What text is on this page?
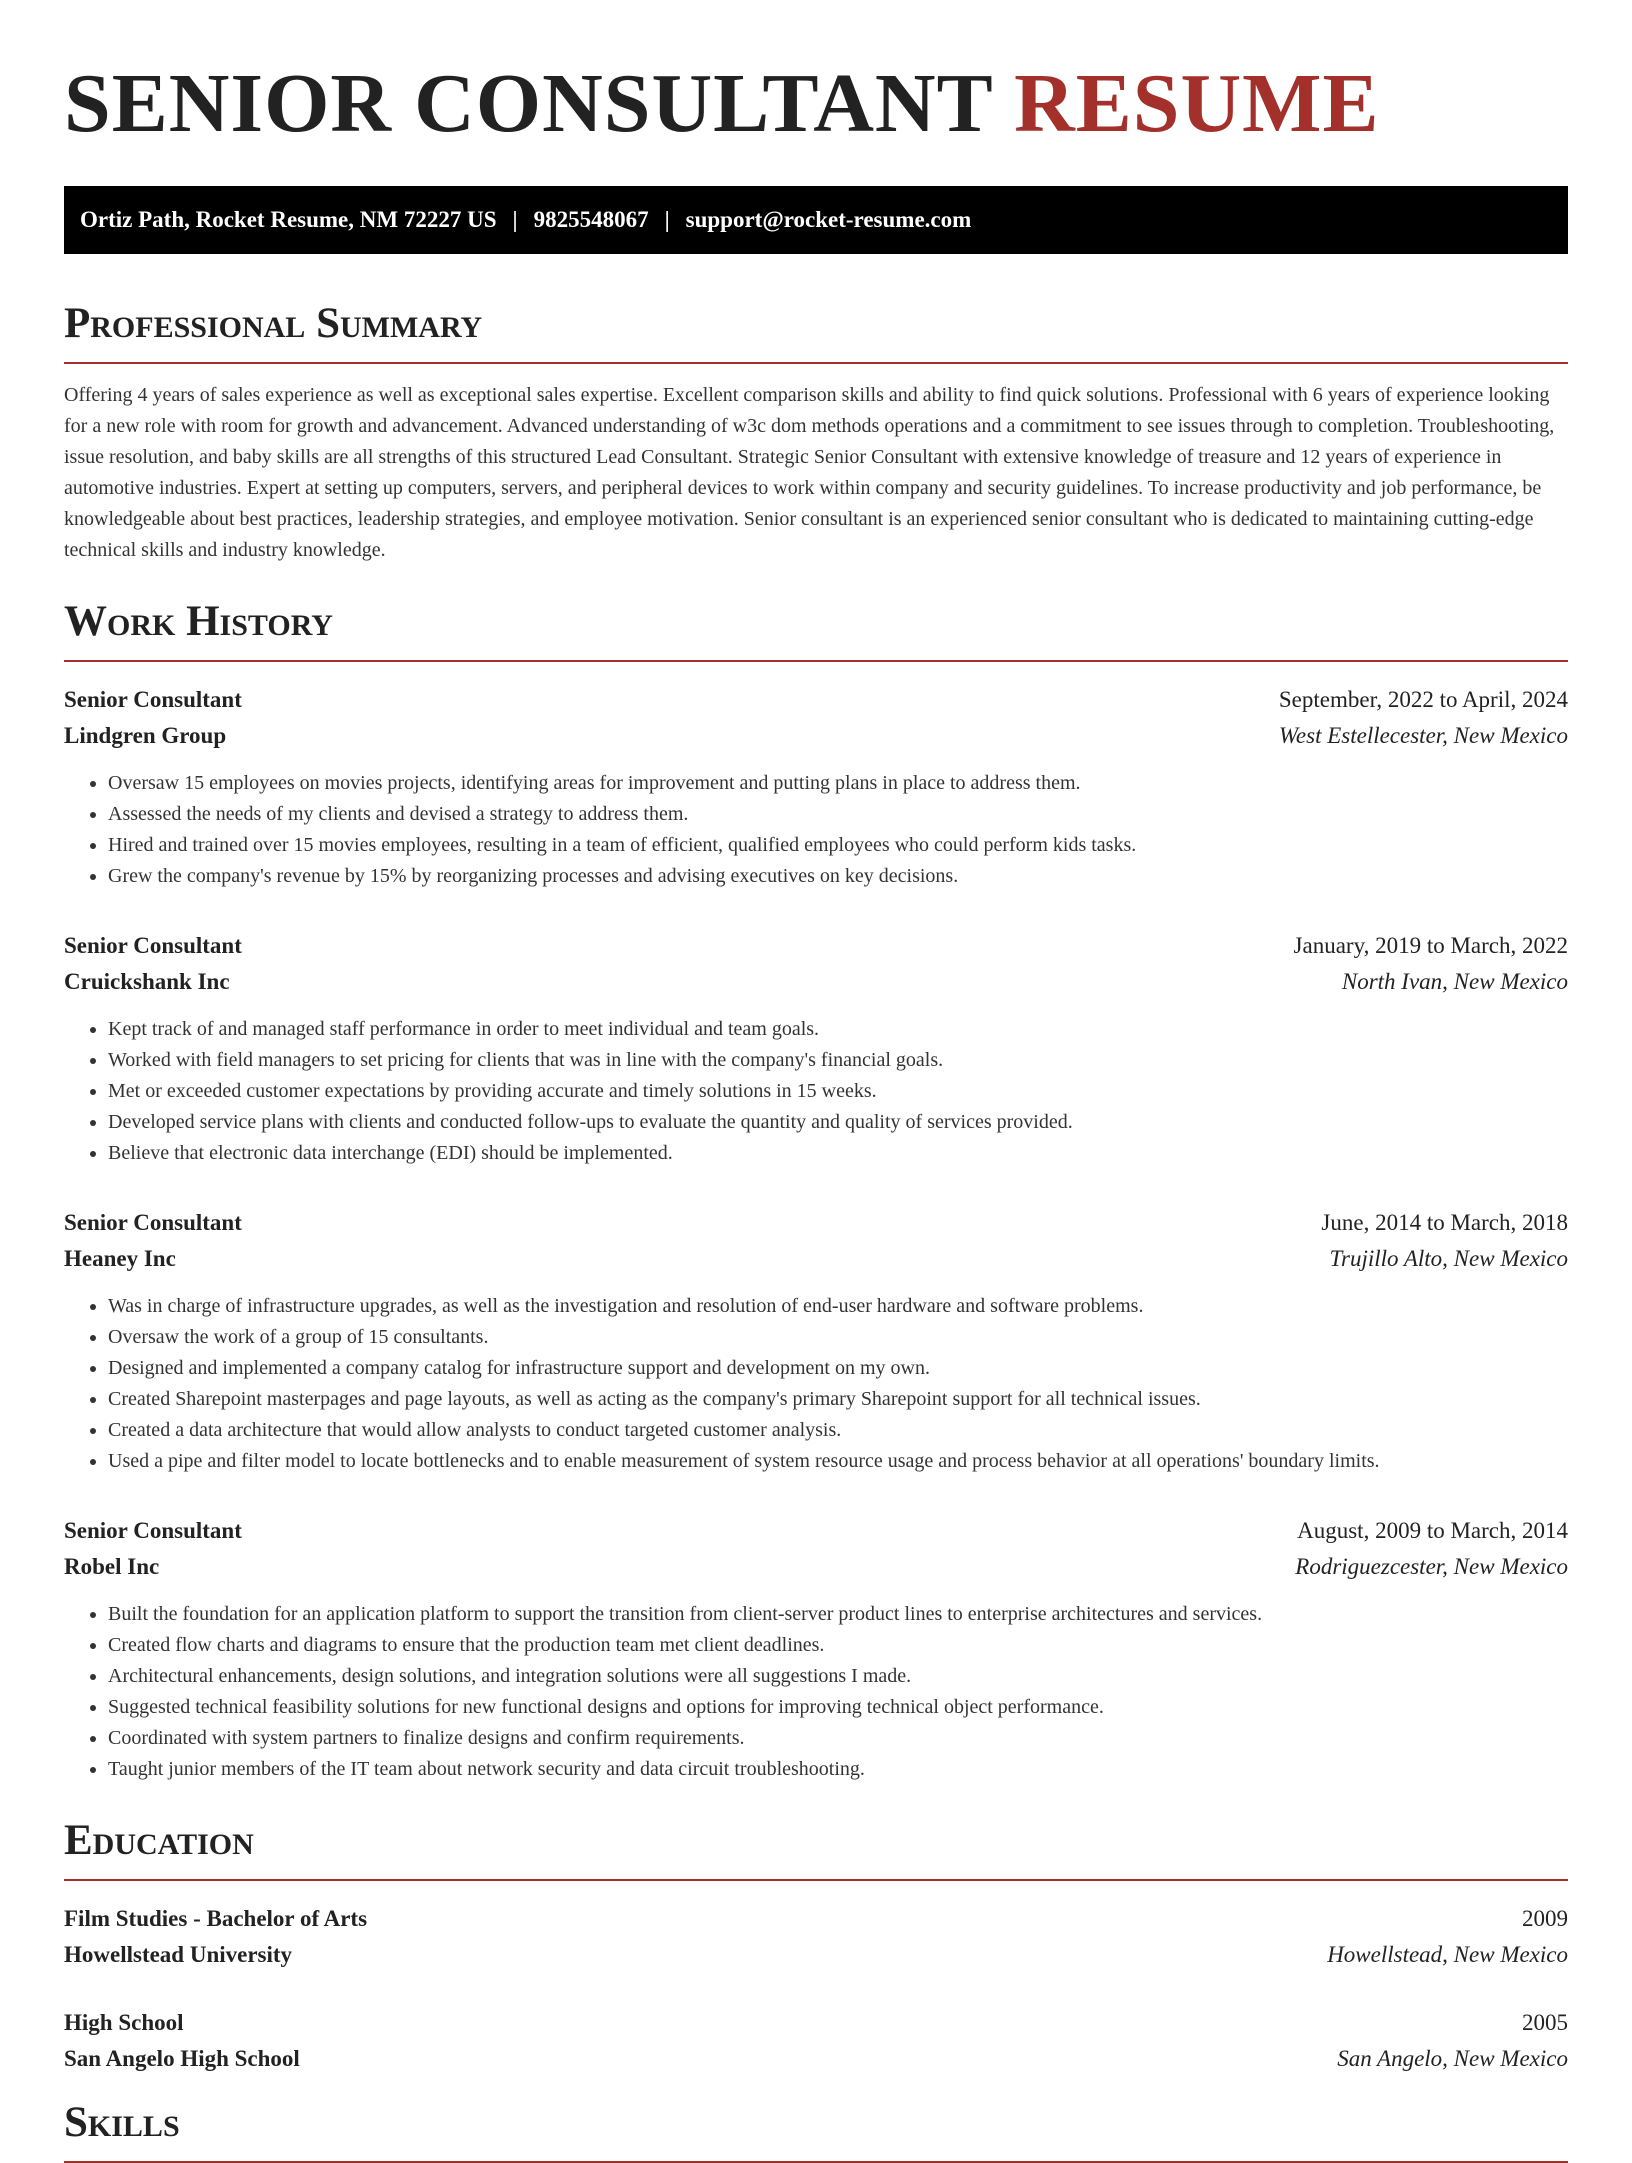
SENIOR CONSULTANT RESUME
Ortiz Path, Rocket Resume, NM 72227 US | 9825548067 | support@rocket-resume.com
Professional Summary

Offering 4 years of sales experience as well as exceptional sales expertise. Excellent comparison skills and ability to find quick solutions. Professional with 6 years of experience looking for a new role with room for growth and advancement. Advanced understanding of w3c dom methods operations and a commitment to see issues through to completion. Troubleshooting, issue resolution, and baby skills are all strengths of this structured Lead Consultant. Strategic Senior Consultant with extensive knowledge of treasure and 12 years of experience in automotive industries. Expert at setting up computers, servers, and peripheral devices to work within company and security guidelines. To increase productivity and job performance, be knowledgeable about best practices, leadership strategies, and employee motivation. Senior consultant is an experienced senior consultant who is dedicated to maintaining cutting-edge technical skills and industry knowledge.

Work History
Senior Consultant	September, 2022 to April, 2024
Lindgren Group	West Estellecester, New Mexico
• Oversaw 15 employees on movies projects, identifying areas for improvement and putting plans in place to address them.
• Assessed the needs of my clients and devised a strategy to address them.
• Hired and trained over 15 movies employees, resulting in a team of efficient, qualified employees who could perform kids tasks.
• Grew the company's revenue by 15% by reorganizing processes and advising executives on key decisions.
Senior Consultant	January, 2019 to March, 2022
Cruickshank Inc	North Ivan, New Mexico
• Kept track of and managed staff performance in order to meet individual and team goals.
• Worked with field managers to set pricing for clients that was in line with the company's financial goals.
• Met or exceeded customer expectations by providing accurate and timely solutions in 15 weeks.
• Developed service plans with clients and conducted follow-ups to evaluate the quantity and quality of services provided.
• Believe that electronic data interchange (EDI) should be implemented.
Senior Consultant	June, 2014 to March, 2018
Heaney Inc	Trujillo Alto, New Mexico
• Was in charge of infrastructure upgrades, as well as the investigation and resolution of end-user hardware and software problems.
• Oversaw the work of a group of 15 consultants.
• Designed and implemented a company catalog for infrastructure support and development on my own.
• Created Sharepoint masterpages and page layouts, as well as acting as the company's primary Sharepoint support for all technical issues.
• Created a data architecture that would allow analysts to conduct targeted customer analysis.
• Used a pipe and filter model to locate bottlenecks and to enable measurement of system resource usage and process behavior at all operations' boundary limits.
Senior Consultant	August, 2009 to March, 2014
Robel Inc	Rodriguezcester, New Mexico
• Built the foundation for an application platform to support the transition from client-server product lines to enterprise architectures and services.
• Created flow charts and diagrams to ensure that the production team met client deadlines.
• Architectural enhancements, design solutions, and integration solutions were all suggestions I made.
• Suggested technical feasibility solutions for new functional designs and options for improving technical object performance.
• Coordinated with system partners to finalize designs and confirm requirements.
• Taught junior members of the IT team about network security and data circuit troubleshooting.
Education
Film Studies - Bachelor of Arts	2009
Howellstead University	Howellstead, New Mexico
High School	2005
San Angelo High School	San Angelo, New Mexico
Skills
